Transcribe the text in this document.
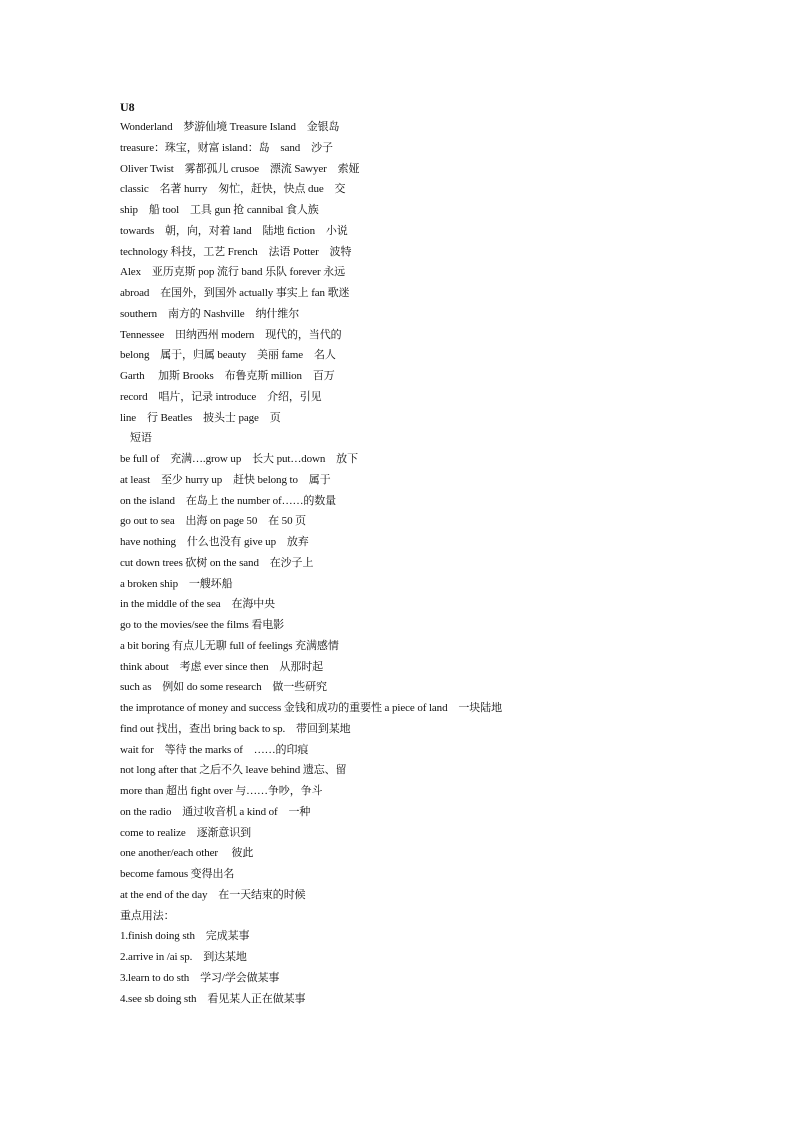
U8
Wonderland　梦游仙境 Treasure Island　金银岛
treasure：珠宝，财富 island：岛　sand　沙子
Oliver Twist　雾都孤儿 crusoe　漂流 Sawyer　索娅
classic　名著 hurry　匆忙，赶快，快点 due　交
ship　船 tool　工具 gun 抢 cannibal 食人族
towards　朝，向，对着 land　陆地 fiction　小说
technology 科技，工艺 French　法语 Potter　波特
Alex　亚历克斯 pop 流行 band 乐队 forever 永远
abroad　在国外，到国外 actually 事实上 fan 歌迷
southern　南方的 Nashville　纳什维尔
Tennessee　田纳西州 modern　现代的，当代的
belong　属于，归属 beauty　美丽 fame　名人
Garth　 加斯 Brooks　布鲁克斯 million　百万
record　唱片，记录 introduce　介绍，引见
line　行 Beatles　披头士 page　页
短语
be full of　充满….grow up　长大 put…down　放下
at least　至少 hurry up　赶快 belong to　属于
on the island　在岛上 the number of……的数量
go out to sea　出海 on page 50　在 50 页
have nothing　什么也没有 give up　放弃
cut down trees 砍树 on the sand　在沙子上
a broken ship　一艘坏船
in the middle of the sea　在海中央
go to the movies/see the films 看电影
a bit boring 有点儿无聊 full of feelings 充满感情
think about　考虑 ever since then　从那时起
such as　例如 do some research　做一些研究
the improtance of money and success 金钱和成功的重要性 a piece of land　一块陆地
find out 找出，查出 bring back to sp.　带回到某地
wait for　等待 the marks of　……的印痕
not long after that 之后不久 leave behind 遗忘、留
more than 超出 fight over 与……争吵，争斗
on the radio　通过收音机 a kind of　一种
come to realize　逐渐意识到
one another/each other　 彼此
become famous 变得出名
at the end of the day　在一天结束的时候
重点用法：
1.finish doing sth　完成某事
2.arrive in /ai sp.　到达某地
3.learn to do sth　学习/学会做某事
4.see sb doing sth　看见某人正在做某事
